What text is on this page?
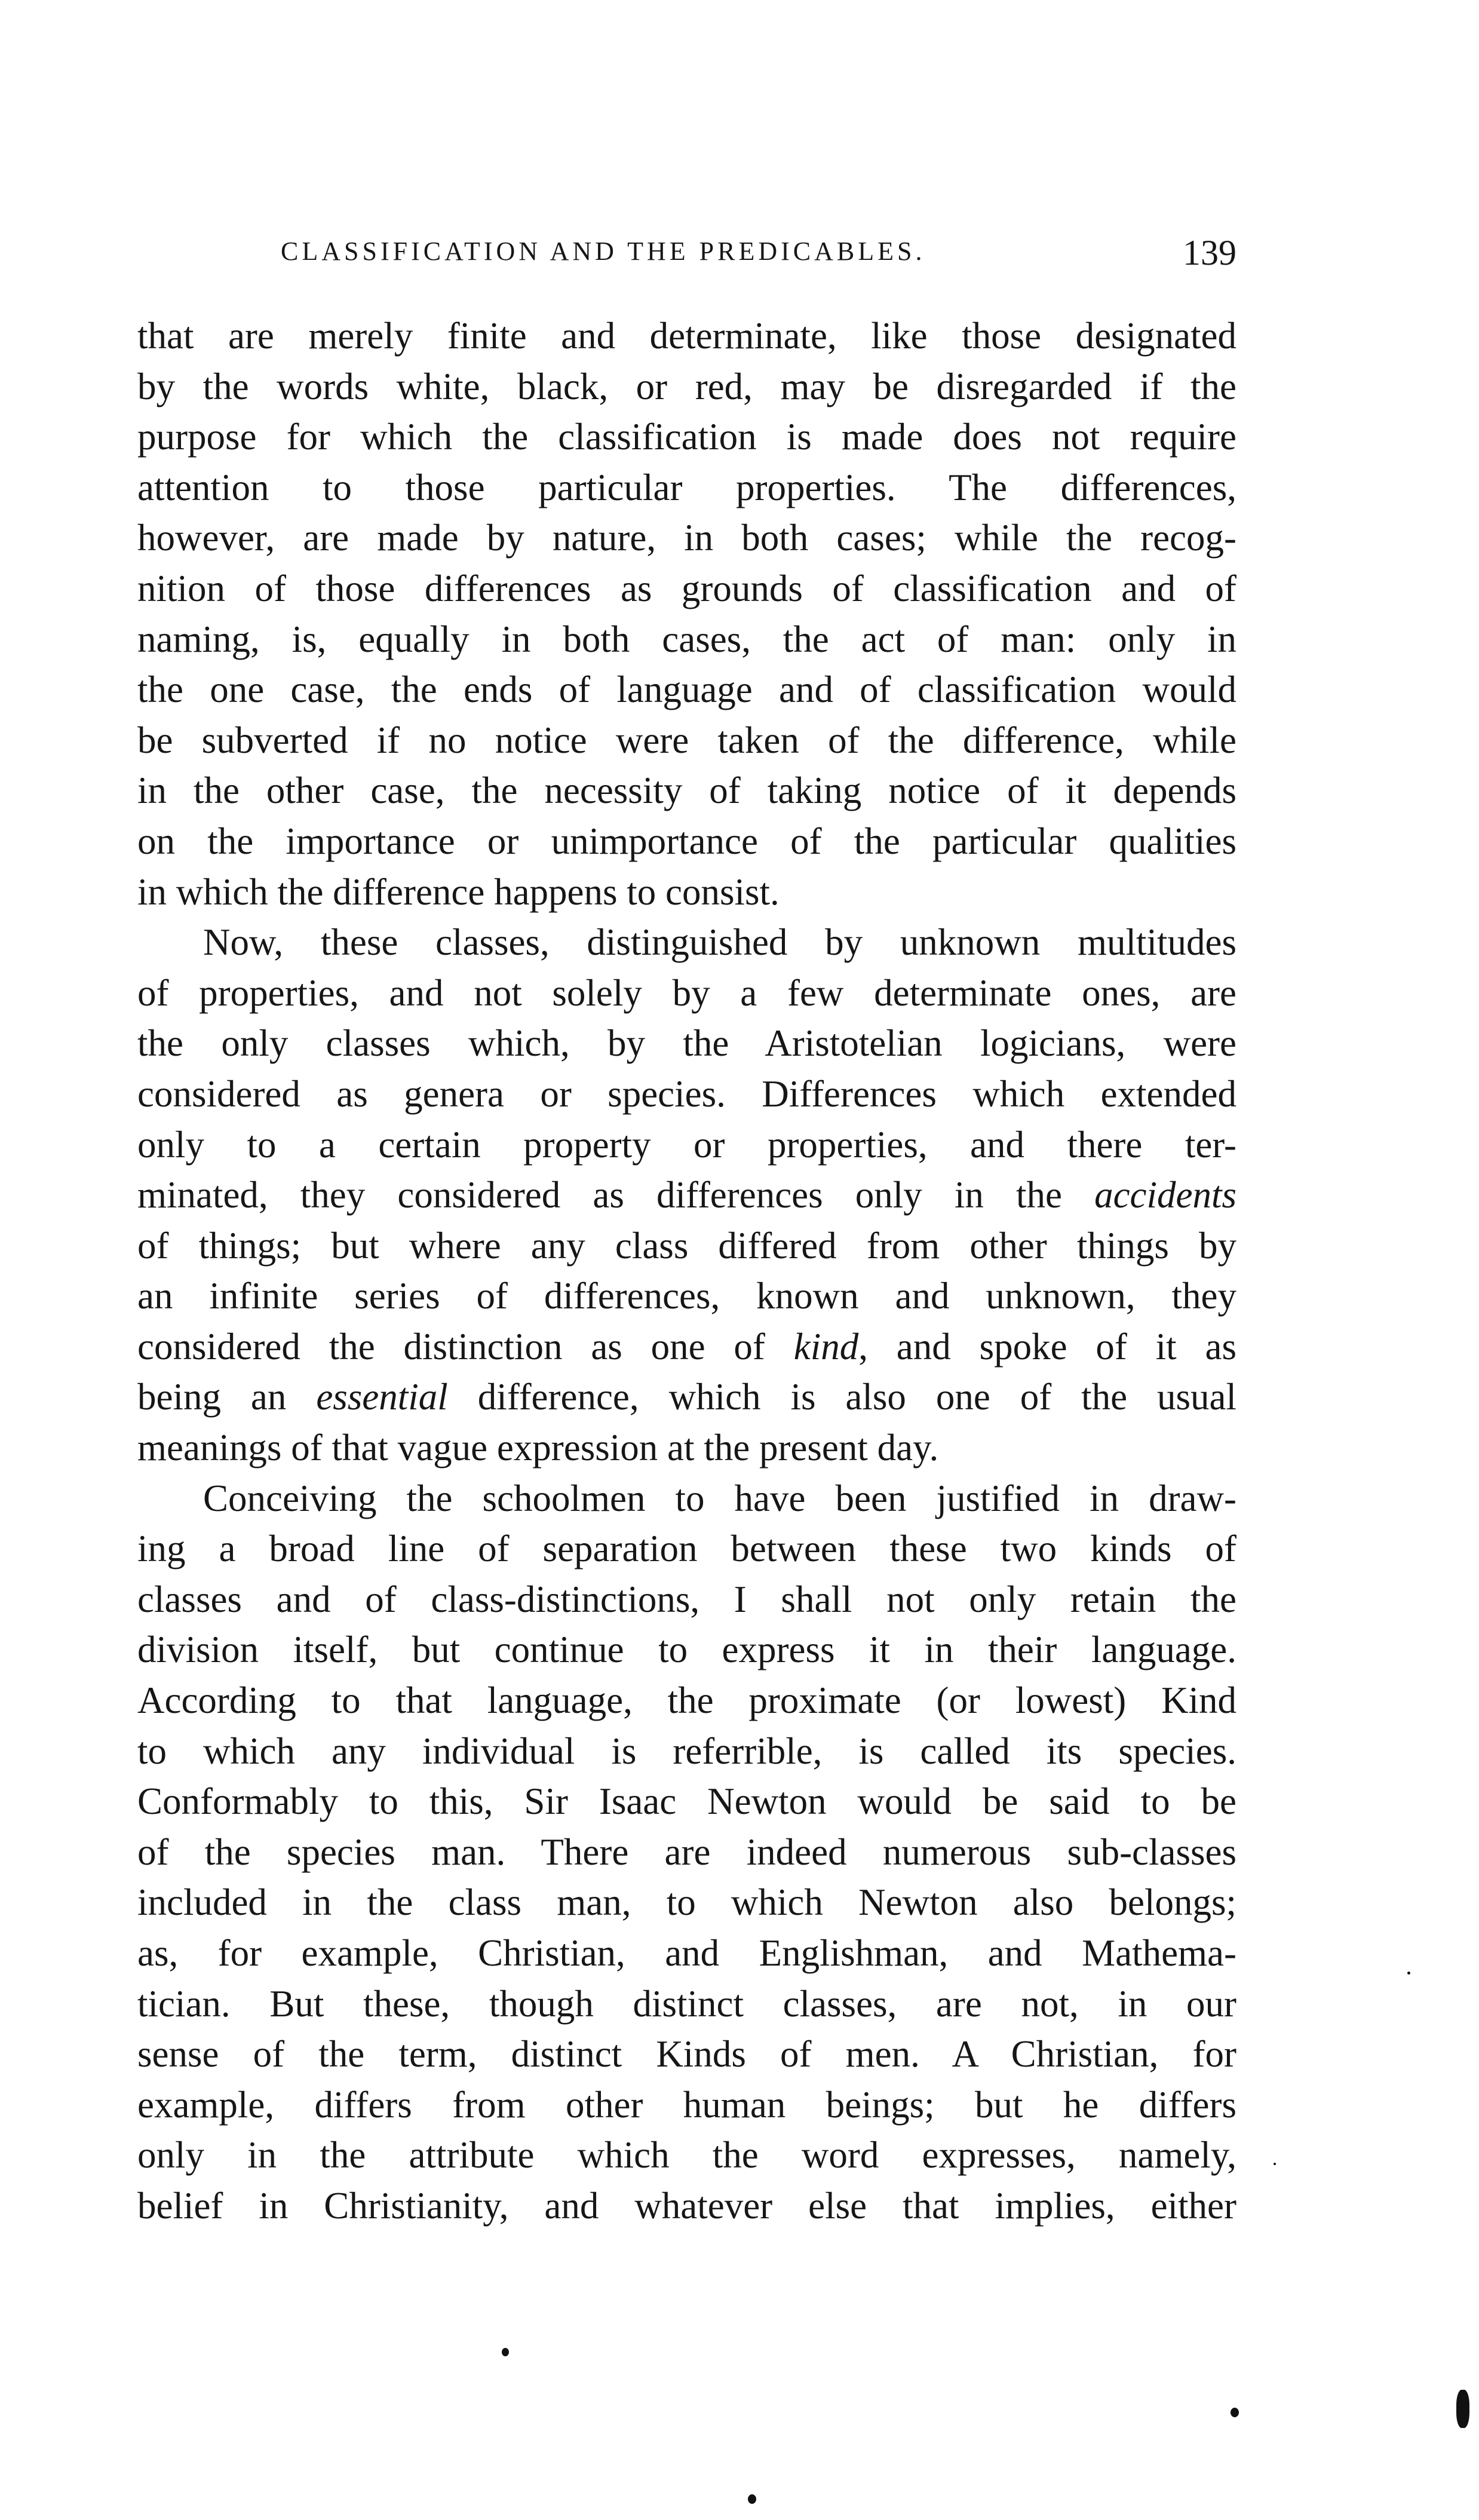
CLASSIFICATION AND THE PREDICABLES.	139
that are merely finite and determinate, like those designated
by the words white, black, or red, may be disregarded if the
purpose for which the classification is made does not require
attention to those particular properties. The differences,
however, are made by nature, in both cases; while the recog-
nition of those differences as grounds of classification and of
naming, is, equally in both cases, the act of man: only in
the one case, the ends of language and of classification would
be subverted if no notice were taken of the difference, while
in the other case, the necessity of taking notice of it depends
on the importance or unimportance of the particular qualities
in which the difference happens to consist.
Now, these classes, distinguished by unknown multitudes
of properties, and not solely by a few determinate ones, are
the only classes which, by the Aristotelian logicians, were
considered as genera or species. Differences which extended
only to a certain property or properties, and there ter-
minated, they considered as differences only in the accidents
of things; but where any class differed from other things by
an infinite series of differences, known and unknown, they
considered the distinction as one of kind, and spoke of it as
being an essential difference, which is also one of the usual
meanings of that vague expression at the present day.
Conceiving the schoolmen to have been justified in draw-
ing a broad line of separation between these two kinds of
classes and of class-distinctions, I shall not only retain the
division itself, but continue to express it in their language.
According to that language, the proximate (or lowest) Kind
to which any individual is referrible, is called its species.
Conformably to this, Sir Isaac Newton would be said to be
of the species man. There are indeed numerous sub-classes
included in the class man, to which Newton also belongs;
as, for example, Christian, and Englishman, and Mathema-
tician. But these, though distinct classes, are not, in our
sense of the term, distinct Kinds of men. A Christian, for
example, differs from other human beings; but he differs
only in the attribute which the word expresses, namely,
belief in Christianity, and whatever else that implies, either
